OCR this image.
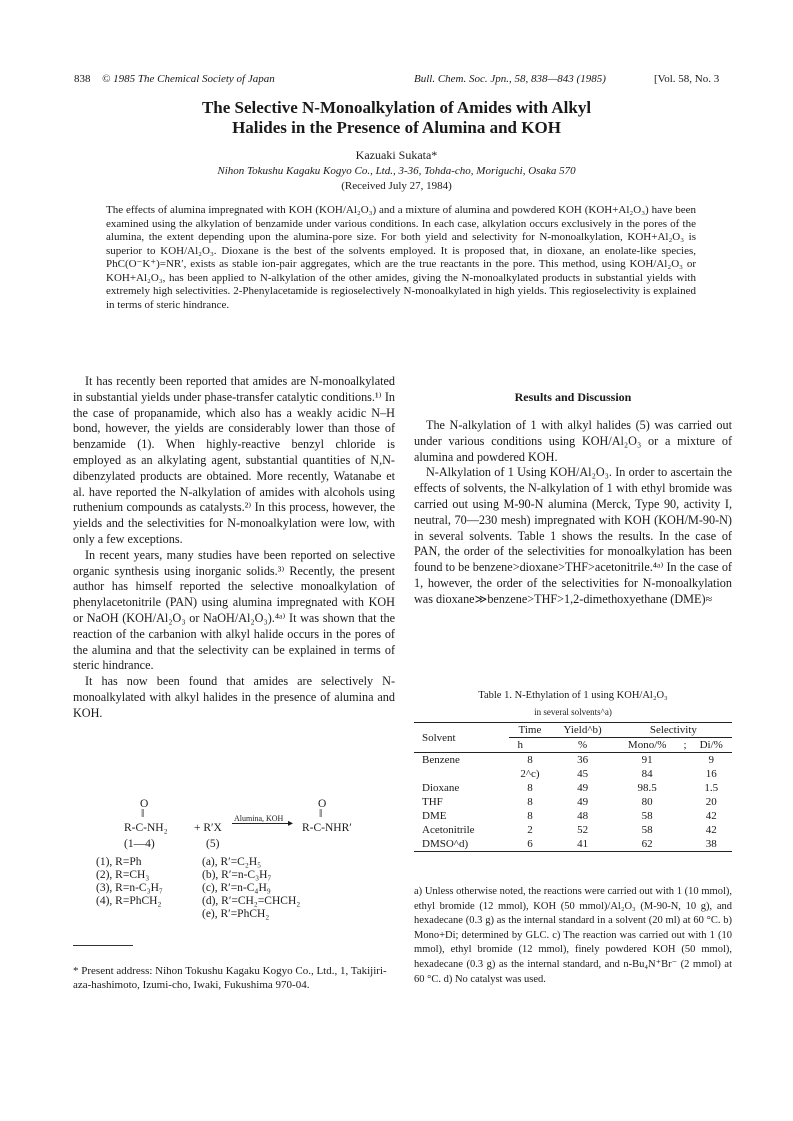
838 © 1985 The Chemical Society of Japan	Bull. Chem. Soc. Jpn., 58, 838—843 (1985)	[Vol. 58, No. 3
The Selective N-Monoalkylation of Amides with Alkyl
Halides in the Presence of Alumina and KOH
Kazuaki Sukata*
Nihon Tokushu Kagaku Kogyo Co., Ltd., 3-36, Tohda-cho, Moriguchi, Osaka 570
(Received July 27, 1984)

The effects of alumina impregnated with KOH (KOH/Al₂O₃) and a mixture of alumina and powdered KOH (KOH+Al₂O₃) have been examined using the alkylation of benzamide under various conditions. In each case, alkylation occurs exclusively in the pores of the alumina, the extent depending upon the alumina-pore size. For both yield and selectivity for N-monoalkylation, KOH+Al₂O₃ is superior to KOH/Al₂O₃. Dioxane is the best of the solvents employed. It is proposed that, in dioxane, an enolate-like species, PhC(O⁻K⁺)=NR′, exists as stable ion-pair aggregates, which are the true reactants in the pore. This method, using KOH/Al₂O₃ or KOH+Al₂O₃, has been applied to N-alkylation of the other amides, giving the N-monoalkylated products in substantial yields with extremely high selectivities. 2-Phenylacetamide is regioselectively N-monoalkylated in high yields. This regioselectivity is explained in terms of steric hindrance.

It has recently been reported that amides are N-monoalkylated in substantial yields under phase-transfer catalytic conditions.¹⁾ In the case of propanamide, which also has a weakly acidic N–H bond, however, the yields are considerably lower than those of benzamide (1). When highly-reactive benzyl chloride is employed as an alkylating agent, substantial quantities of N,N-dibenzylated products are obtained. More recently, Watanabe et al. have reported the N-alkylation of amides with alcohols using ruthenium compounds as catalysts.²⁾ In this process, however, the yields and the selectivities for N-monoalkylation were low, with only a few exceptions.

In recent years, many studies have been reported on selective organic synthesis using inorganic solids.³⁾ Recently, the present author has himself reported the selective monoalkylation of phenylacetonitrile (PAN) using alumina impregnated with KOH or NaOH (KOH/Al₂O₃ or NaOH/Al₂O₃).⁴ᵃ⁾ It was shown that the reaction of the carbanion with alkyl halide occurs in the pores of the alumina and that the selectivity can be explained in terms of steric hindrance.

It has now been found that amides are selectively N-monoalkylated with alkyl halides in the presence of alumina and KOH.

O
‖
R-C-NH₂ + R′X
Alumina, KOH ▸
O
‖
R-C-NHR′
(1—4)	(5)
(1), R=Ph
(2), R=CH₃
(3), R=n-C₃H₇
(4), R=PhCH₂
(a), R′=C₂H₅
(b), R′=n-C₃H₇
(c), R′=n-C₄H₉
(d), R′=CH₂=CHCH₂
(e), R′=PhCH₂
* Present address: Nihon Tokushu Kagaku Kogyo Co., Ltd., 1, Takijiri-aza-hashimoto, Izumi-cho, Iwaki, Fukushima 970-04.
Results and Discussion

The N-alkylation of 1 with alkyl halides (5) was carried out under various conditions using KOH/Al₂O₃ or a mixture of alumina and powdered KOH.

N-Alkylation of 1 Using KOH/Al₂O₃. In order to ascertain the effects of solvents, the N-alkylation of 1 with ethyl bromide was carried out using M-90-N alumina (Merck, Type 90, activity I, neutral, 70—230 mesh) impregnated with KOH (KOH/M-90-N) in several solvents. Table 1 shows the results. In the case of PAN, the order of the selectivities for monoalkylation has been found to be benzene>dioxane>THF>acetonitrile.⁴ᵃ⁾ In the case of 1, however, the order of the selectivities for N-monoalkylation was dioxane≫benzene>THF>1,2-dimethoxyethane (DME)≈

Table 1. N-Ethylation of 1 using KOH/Al₂O₃
in several solvents^a)
Solvent	Time	Yield^b)	Selectivity		
	h	%	Mono/%	;	Di/%
Benzene	8	36	91		9
	2^c)	45	84		16
Dioxane	8	49	98.5		1.5
THF	8	49	80		20
DME	8	48	58		42
Acetonitrile	2	52	58		42
DMSO^d)	6	41	62		38
a) Unless otherwise noted, the reactions were carried out with 1 (10 mmol), ethyl bromide (12 mmol), KOH (50 mmol)/Al₂O₃ (M-90-N, 10 g), and hexadecane (0.3 g) as the internal standard in a solvent (20 ml) at 60 °C. b) Mono+Di; determined by GLC. c) The reaction was carried out with 1 (10 mmol), ethyl bromide (12 mmol), finely powdered KOH (50 mmol), hexadecane (0.3 g) as the internal standard, and n-Bu₄N⁺Br⁻ (2 mmol) at 60 °C. d) No catalyst was used.
